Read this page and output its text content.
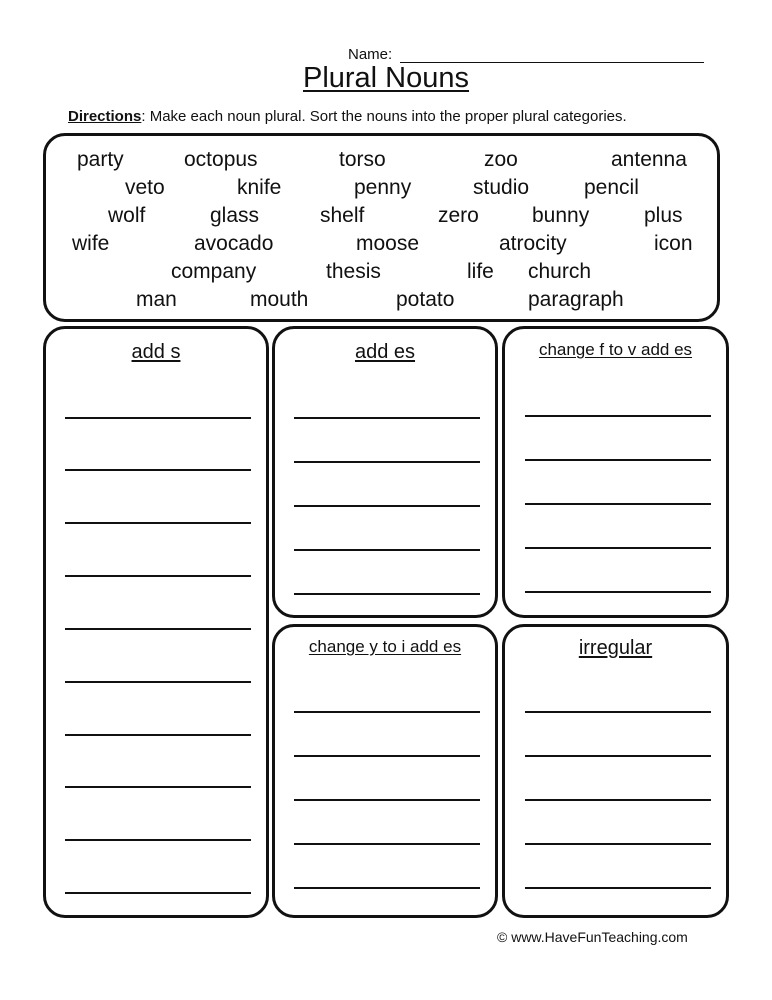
Name:
Plural Nouns
Directions: Make each noun plural. Sort the nouns into the proper plural categories.
party	octopus	torso	zoo	antenna
veto	knife	penny	studio	pencil
wolf	glass	shelf	zero	bunny	plus
wife	avocado	moose	atrocity	icon
company	thesis	life church
man	mouth	potato	paragraph
add s	add es	change f to v add es
change y to i add es	irregular
© www.HaveFunTeaching.com
